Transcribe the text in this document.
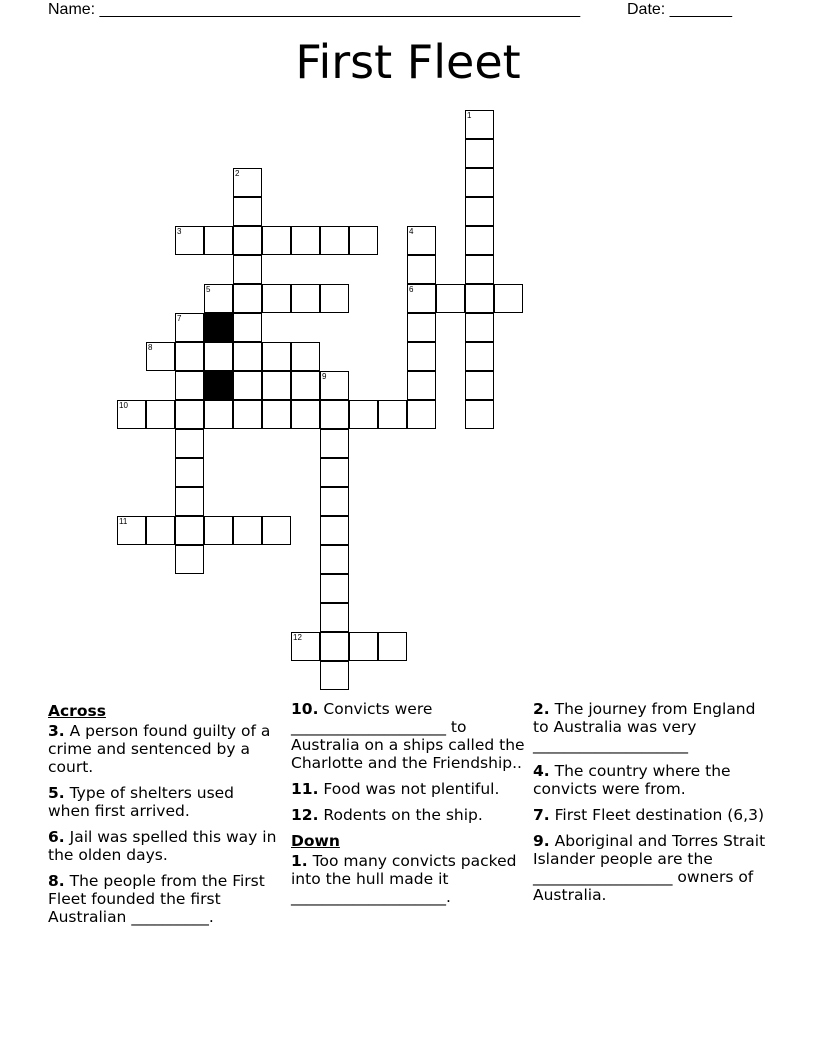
Name: ______________________________________________________	Date: _______
First Fleet
1
2
3	4
5	6
7
8
9
10
11
12
Across
3. A person found guilty of a crime and sentenced by a court.
5. Type of shelters used when first arrived.
6. Jail was spelled this way in the olden days.
8. The people from the First Fleet founded the first Australian __________.
10. Convicts were ____________________ to Australia on a ships called the Charlotte and the Friendship..
11. Food was not plentiful.
12. Rodents on the ship.
Down
1. Too many convicts packed into the hull made it ____________________.
2. The journey from England to Australia was very ____________________
4. The country where the convicts were from.
7. First Fleet destination (6,3)
9. Aboriginal and Torres Strait Islander people are the __________________ owners of Australia.
